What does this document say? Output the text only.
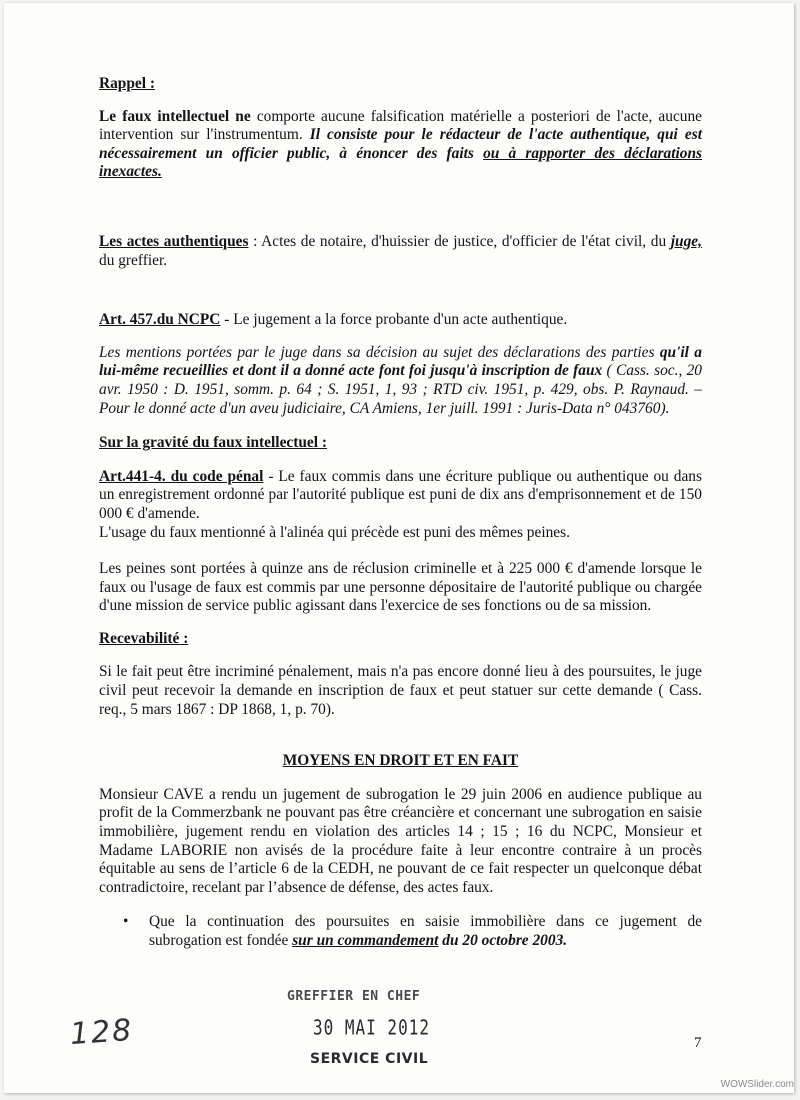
Rappel :

Le faux intellectuel ne comporte aucune falsification matérielle a posteriori de l'acte, aucune intervention sur l'instrumentum. Il consiste pour le rédacteur de l'acte authentique, qui est nécessairement un officier public, à énoncer des faits ou à rapporter des déclarations inexactes.

Les actes authentiques : Actes de notaire, d'huissier de justice, d'officier de l'état civil, du juge, du greffier.

Art. 457.du NCPC - Le jugement a la force probante d'un acte authentique.

Les mentions portées par le juge dans sa décision au sujet des déclarations des parties qu'il a lui-même recueillies et dont il a donné acte font foi jusqu'à inscription de faux ( Cass. soc., 20 avr. 1950 : D. 1951, somm. p. 64 ; S. 1951, 1, 93 ; RTD civ. 1951, p. 429, obs. P. Raynaud. – Pour le donné acte d'un aveu judiciaire, CA Amiens, 1er juill. 1991 : Juris-Data n° 043760).

Sur la gravité du faux intellectuel :

Art.441-4. du code pénal - Le faux commis dans une écriture publique ou authentique ou dans un enregistrement ordonné par l'autorité publique est puni de dix ans d'emprisonnement et de 150 000 € d'amende.

L'usage du faux mentionné à l'alinéa qui précède est puni des mêmes peines.

Les peines sont portées à quinze ans de réclusion criminelle et à 225 000 € d'amende lorsque le faux ou l'usage de faux est commis par une personne dépositaire de l'autorité publique ou chargée d'une mission de service public agissant dans l'exercice de ses fonctions ou de sa mission.

Recevabilité :

Si le fait peut être incriminé pénalement, mais n'a pas encore donné lieu à des poursuites, le juge civil peut recevoir la demande en inscription de faux et peut statuer sur cette demande ( Cass. req., 5 mars 1867 : DP 1868, 1, p. 70).

MOYENS EN DROIT ET EN FAIT

Monsieur CAVE a rendu un jugement de subrogation le 29 juin 2006 en audience publique au profit de la Commerzbank ne pouvant pas être créancière et concernant une subrogation en saisie immobilière, jugement rendu en violation des articles 14 ; 15 ; 16 du NCPC, Monsieur et Madame LABORIE non avisés de la procédure faite à leur encontre contraire à un procès équitable au sens de l’article 6 de la CEDH, ne pouvant de ce fait respecter un quelconque débat contradictoire, recelant par l’absence de défense, des actes faux.

• Que la continuation des poursuites en saisie immobilière dans ce jugement de subrogation est fondée sur un commandement du 20 octobre 2003.
GREFFIER EN CHEF
30 MAI 2012
SERVICE CIVIL
128	7
WOWSlider.com
